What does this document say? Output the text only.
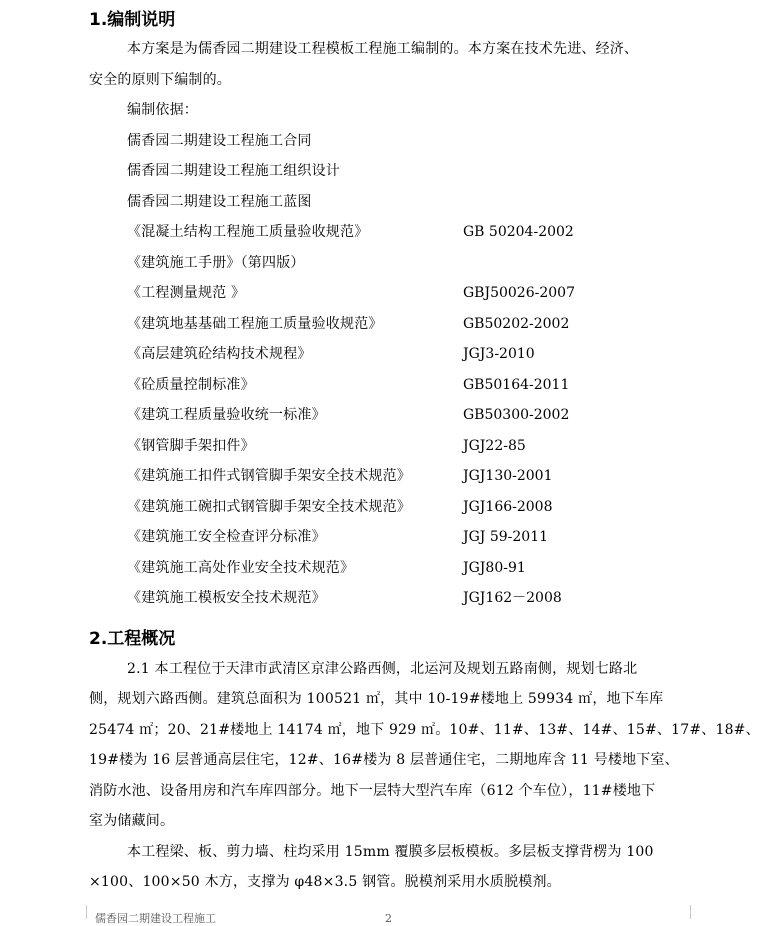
1.编制说明
本方案是为儒香园二期建设工程模板工程施工编制的。本方案在技术先进、经济、
安全的原则下编制的。
编制依据：
儒香园二期建设工程施工合同
儒香园二期建设工程施工组织设计
儒香园二期建设工程施工蓝图
《混凝土结构工程施工质量验收规范》	GB 50204-2002
《建筑施工手册》（第四版）
《工程测量规范 》	GBJ50026-2007
《建筑地基基础工程施工质量验收规范》	GB50202-2002
《高层建筑砼结构技术规程》	JGJ3-2010
《砼质量控制标准》	GB50164-2011
《建筑工程质量验收统一标准》	GB50300-2002
《钢管脚手架扣件》	JGJ22-85
《建筑施工扣件式钢管脚手架安全技术规范》	JGJ130-2001
《建筑施工碗扣式钢管脚手架安全技术规范》	JGJ166-2008
《建筑施工安全检查评分标准》	JGJ 59-2011
《建筑施工高处作业安全技术规范》	JGJ80-91
《建筑施工模板安全技术规范》	JGJ162－2008
2.工程概况
2.1 本工程位于天津市武清区京津公路西侧，北运河及规划五路南侧，规划七路北
侧，规划六路西侧。建筑总面积为 100521 ㎡，其中 10-19#楼地上 59934 ㎡，地下车库
25474 ㎡；20、21#楼地上 14174 ㎡，地下 929 ㎡。10#、11#、13#、14#、15#、17#、18#、
19#楼为 16 层普通高层住宅，12#、16#楼为 8 层普通住宅，二期地库含 11 号楼地下室、
消防水池、设备用房和汽车库四部分。地下一层特大型汽车库（612 个车位），11#楼地下
室为储藏间。
本工程梁、板、剪力墙、柱均采用 15mm 覆膜多层板模板。多层板支撑背楞为 100
×100、100×50 木方，支撑为 φ48×3.5 钢管。脱模剂采用水质脱模剂。
儒香园二期建设工程施工	2
